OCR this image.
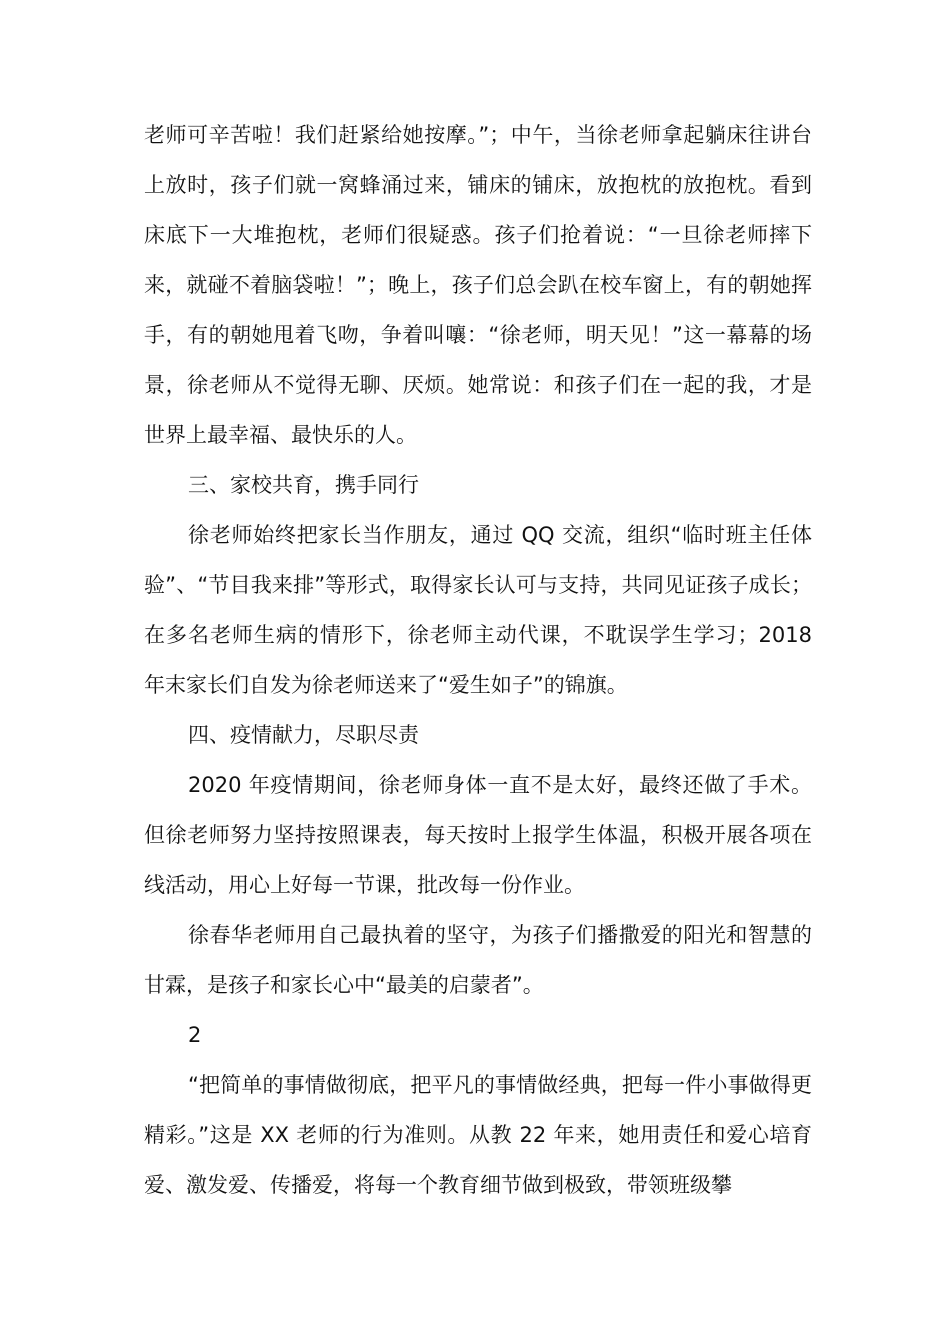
老师可辛苦啦！我们赶紧给她按摩。”；中午，当徐老师拿起躺床往讲台上放时，孩子们就一窝蜂涌过来，铺床的铺床，放抱枕的放抱枕。看到床底下一大堆抱枕，老师们很疑惑。孩子们抢着说：“一旦徐老师摔下来，就碰不着脑袋啦！”；晚上，孩子们总会趴在校车窗上，有的朝她挥手，有的朝她甩着飞吻，争着叫嚷：“徐老师，明天见！”这一幕幕的场景，徐老师从不觉得无聊、厌烦。她常说：和孩子们在一起的我，才是世界上最幸福、最快乐的人。

三、家校共育，携手同行

徐老师始终把家长当作朋友，通过 QQ 交流，组织“临时班主任体验”、“节目我来排”等形式，取得家长认可与支持，共同见证孩子成长；在多名老师生病的情形下，徐老师主动代课，不耽误学生学习；2018 年末家长们自发为徐老师送来了“爱生如子”的锦旗。

四、疫情献力，尽职尽责

2020 年疫情期间，徐老师身体一直不是太好，最终还做了手术。但徐老师努力坚持按照课表，每天按时上报学生体温，积极开展各项在线活动，用心上好每一节课，批改每一份作业。

徐春华老师用自己最执着的坚守，为孩子们播撒爱的阳光和智慧的甘霖，是孩子和家长心中“最美的启蒙者”。

2

“把简单的事情做彻底，把平凡的事情做经典，把每一件小事做得更精彩。”这是 XX 老师的行为准则。从教 22 年来，她用责任和爱心培育爱、激发爱、传播爱，将每一个教育细节做到极致，带领班级攀
